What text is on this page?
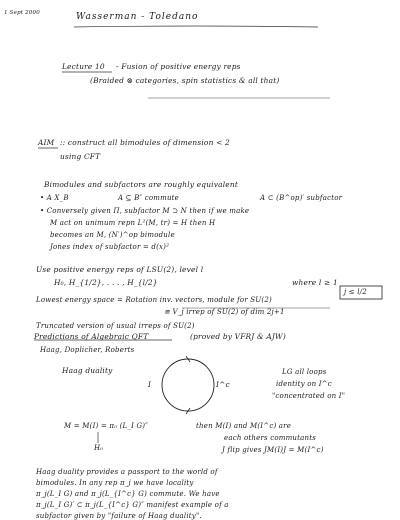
1 Sept 2000	Wasserman - Toledano
Lecture 10 - Fusion of positive energy reps
(Braided ⊗ categories, spin statistics & all that)
AIM :: construct all bimodules of dimension < 2
using CFT
Bimodules and subfactors are roughly equivalent
• A X_B	A ⊆ B″ commute	A ⊂ (B^op)′ subfactor
• Conversely given Π, subfactor M ⊃ N then if we make
M act on unimum repn L²(M, tr) = H then H
becomes an M, (N′)^op bimodule
Jones index of subfactor = d(x)²
Use positive energy reps of LSU(2), level l
H₀, H_{1/2}, . . . , H_{l/2}	where l ≥ 1
Lowest energy space = Rotation inv. vectors, module for SU(2)
≅ V_j irrep of SU(2) of dim 2j+1
Truncated version of usual irreps of SU(2)
j ≤ l/2
Predictions of Algebraic QFT	(proved by VFRJ & AJW)
Haag, Doplicher, Roberts
Haag duality
I	I^c
LG all loops
identity on I^c
"concentrated on I"
M = M(I) = π₀ (L_I G)″	then M(I) and M(I^c) are
each others commutants
J flip gives JM(I)J = M(I^c)
H₀
Haag duality provides a passport to the world of
bimodules. In any rep π_j we have locality
π_j(L_I G) and π_j(L_{I^c} G) commute. We have
π_j(L_I G)′ ⊂ π_j(L_{I^c} G)″ manifest example of a
subfactor given by "failure of Haag duality".
